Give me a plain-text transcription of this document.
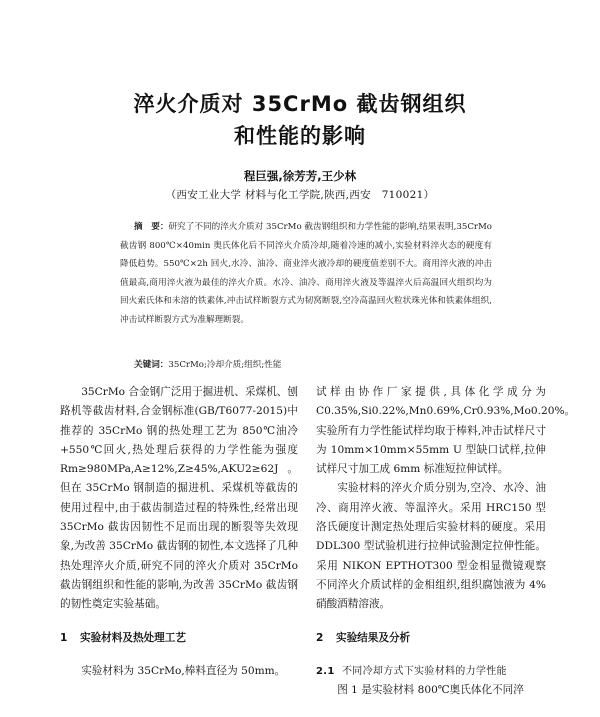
淬火介质对 35CrMo 截齿钢组织
和性能的影响
程巨强,徐芳芳,王少林
（西安工业大学 材料与化工学院,陕西,西安　710021）
摘　要：研究了不同的淬火介质对 35CrMo 截齿钢组织和力学性能的影响,结果表明,35CrMo 截齿钢 800℃×40min 奥氏体化后不同淬火介质冷却,随着冷速的减小,实验材料淬火态的硬度有降低趋势。550℃×2h 回火,水冷、油冷、商业淬火液冷却的硬度值差别不大。商用淬火液的冲击值最高,商用淬火液为最佳的淬火介质。水冷、油冷、商用淬火液及等温淬火后高温回火组织均为回火索氏体和未溶的铁素体,冲击试样断裂方式为韧窝断裂,空冷高温回火粒状珠光体和铁素体组织,冲击试样断裂方式为准解理断裂。
关键词：35CrMo;冷却介质;组织;性能

35CrMo 合金钢广泛用于掘进机、采煤机、刨路机等截齿材料,合金钢标准(GB/T6077-2015)中推荐的 35CrMo 钢的热处理工艺为 850℃油冷+550℃回火,热处理后获得的力学性能为强度 Rm≥980MPa,A≥12%,Z≥45%,AKU2≥62J。但在 35CrMo 钢制造的掘进机、采煤机等截齿的使用过程中,由于截齿制造过程的特殊性,经常出现 35CrMo 截齿因韧性不足而出现的断裂等失效现象,为改善 35CrMo 截齿钢的韧性,本文选择了几种热处理淬火介质,研究不同的淬火介质对 35CrMo 截齿钢组织和性能的影响,为改善 35CrMo 截齿钢的韧性奠定实验基础。

1 实验材料及热处理工艺

实验材料为 35CrMo,棒料直径为 50mm。

试样由协作厂家提供,具体化学成分为 C0.35%,Si0.22%,Mn0.69%,Cr0.93%,Mo0.20%。实验所有力学性能试样均取于棒料,冲击试样尺寸为 10mm×10mm×55mm U 型缺口试样,拉伸试样尺寸加工成 6mm 标准短拉伸试样。

实验材料的淬火介质分别为,空冷、水冷、油冷、商用淬火液、等温淬火。采用 HRC150 型洛氏硬度计测定热处理后实验材料的硬度。采用 DDL300 型试验机进行拉伸试验测定拉伸性能。采用 NIKON EPTHOT300 型金相显微镜观察不同淬火介质试样的金相组织,组织腐蚀液为 4%硝酸酒精溶液。

2 实验结果及分析
2.1 不同冷却方式下实验材料的力学性能

图 1 是实验材料 800℃奥氏体化不同淬
